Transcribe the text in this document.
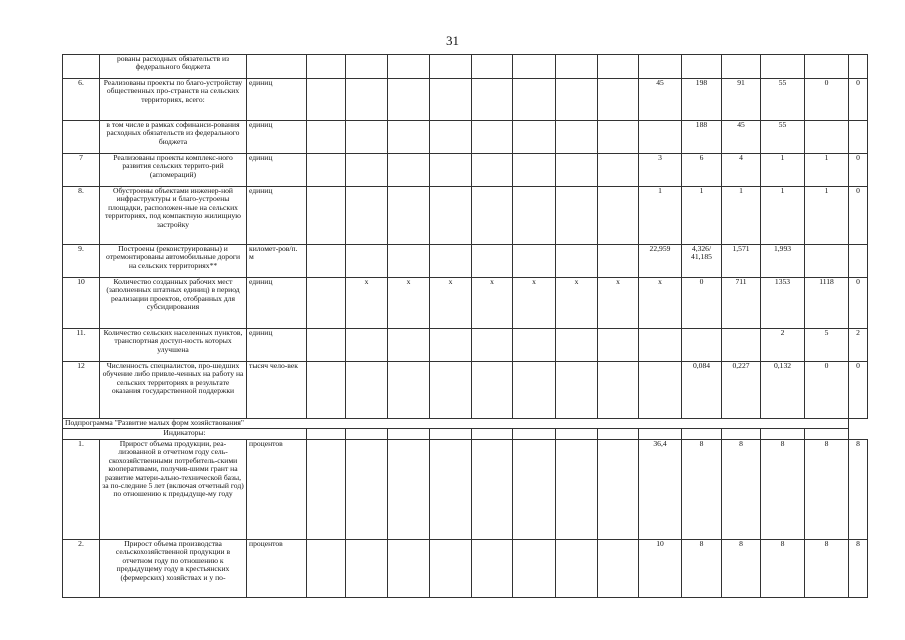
31
	рованы расходных обязательств из федерального бюджета															
6.	Реализованы проекты по благо-устройству общественных про-странств на сельских территориях, всего:	единиц									45	198	91	55	0	0
	в том числе в рамках софинанси-рования расходных обязательств из федерального бюджета	единиц										188	45	55		
7	Реализованы проекты комплекс-ного развития сельских террито-рий (агломераций)	единиц									3	6	4	1	1	0
8.	Обустроены объектами инженер-ной инфраструктуры и благо-устроены площадки, расположен-ные на сельских территориях, под компактную жилищную застройку	единиц									1	1	1	1	1	0
9.	Построены (реконструированы) и отремонтированы автомобильные дороги на сельских территориях**	километ-ров/п. м									22,959	4,326/ 41,185	1,571	1,993		
10	Количество созданных рабочих мест (заполненных штатных единиц) в период реализации проектов, отобранных для субсидирования	единиц		х	х	х	х	х	х	х	х	0	711	1353	1118	0
11.	Количество сельских населенных пунктов, транспортная доступ-ность которых улучшена	единиц												2	5	2
12	Численность специалистов, про-шедших обучение либо привле-ченных на работу на сельских территориях в результате оказания государственной поддержки	тысяч чело-век										0,084	0,227	0,132	0	0
Подпрограмма "Развитие малых форм хозяйствования"																
Индикаторы:																
1.	Прирост объема продукции, реа-лизованной в отчетном году сель-скохозяйственными потребитель-скими кооперативами, получив-шими грант на развитие матери-ально-технической базы, за по-следние 5 лет (включая отчетный год) по отношению к предыдуще-му году	процентов									36,4	8	8	8	8	8
2.	Прирост объема производства сельскохозяйственной продукции в отчетном году по отношению к предыдущему году в крестьянских (фермерских) хозяйствах и у по-	процентов									10	8	8	8	8	8
